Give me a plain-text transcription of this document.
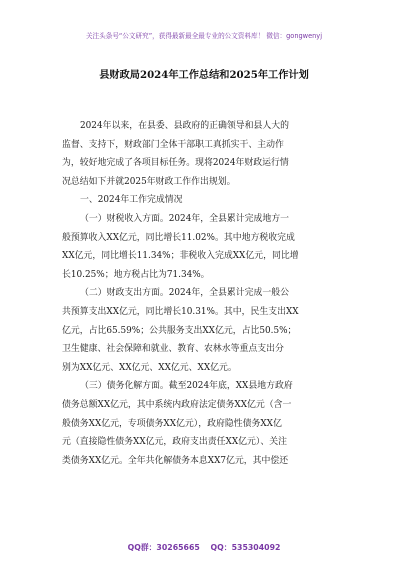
关注头条号“公文研究”，获得最新最全最专业的公文资料库！ 微信：gongwenyj
县财政局2024年工作总结和2025年工作计划
2024年以来，在县委、县政府的正确领导和县人大的
监督、支持下，财政部门全体干部职工真抓实干、主动作
为，较好地完成了各项目标任务。现将2024年财政运行情
况总结如下并就2025年财政工作作出规划。
一、2024年工作完成情况
（一）财税收入方面。2024年，全县累计完成地方一
般预算收入XX亿元，同比增长11.02%。其中地方税收完成
XX亿元，同比增长11.34%；非税收入完成XX亿元，同比增
长10.25%；地方税占比为71.34%。
（二）财政支出方面。2024年，全县累计完成一般公
共预算支出XX亿元，同比增长10.31%。其中，民生支出XX
亿元，占比65.59%；公共服务支出XX亿元，占比50.5%；
卫生健康、社会保障和就业、教育、农林水等重点支出分
别为XX亿元、XX亿元、XX亿元、XX亿元。
（三）债务化解方面。截至2024年底，XX县地方政府
债务总额XX亿元，其中系统内政府法定债务XX亿元（含一
般债务XX亿元，专项债务XX亿元），政府隐性债务XX亿
元（直接隐性债务XX亿元，政府支出责任XX亿元）、关注
类债务XX亿元。全年共化解债务本息XX7亿元，其中偿还
QQ群：30265665 QQ：535304092
